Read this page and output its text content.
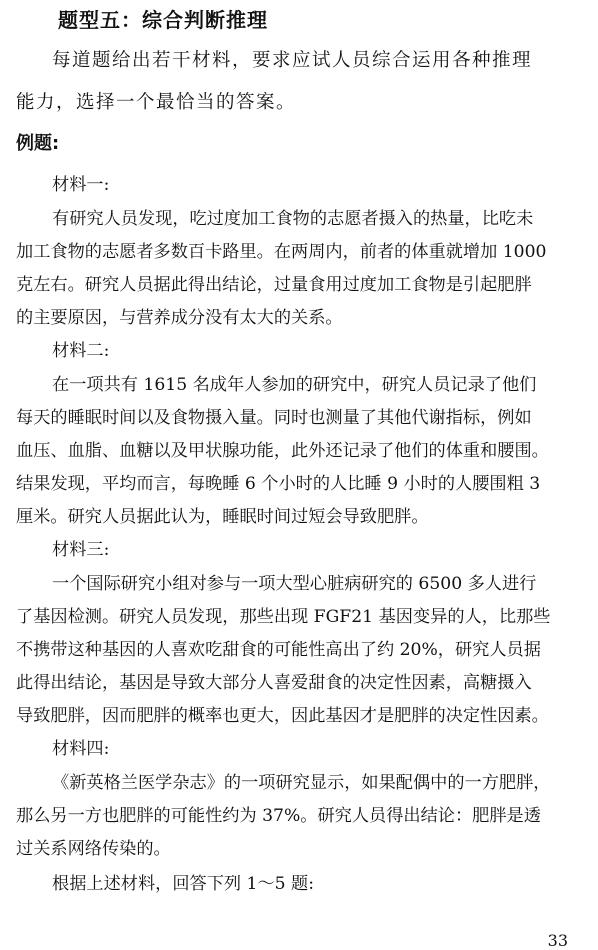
题型五：综合判断推理
每道题给出若干材料，要求应试人员综合运用各种推理
能力，选择一个最恰当的答案。
例题:
材料一:
有研究人员发现，吃过度加工食物的志愿者摄入的热量，比吃未
加工食物的志愿者多数百卡路里。在两周内，前者的体重就增加 1000
克左右。研究人员据此得出结论，过量食用过度加工食物是引起肥胖
的主要原因，与营养成分没有太大的关系。
材料二:
在一项共有 1615 名成年人参加的研究中，研究人员记录了他们
每天的睡眠时间以及食物摄入量。同时也测量了其他代谢指标，例如
血压、血脂、血糖以及甲状腺功能，此外还记录了他们的体重和腰围。
结果发现，平均而言，每晚睡 6 个小时的人比睡 9 小时的人腰围粗 3
厘米。研究人员据此认为，睡眠时间过短会导致肥胖。
材料三:
一个国际研究小组对参与一项大型心脏病研究的 6500 多人进行
了基因检测。研究人员发现，那些出现 FGF21 基因变异的人，比那些
不携带这种基因的人喜欢吃甜食的可能性高出了约 20%，研究人员据
此得出结论，基因是导致大部分人喜爱甜食的决定性因素，高糖摄入
导致肥胖，因而肥胖的概率也更大，因此基因才是肥胖的决定性因素。
材料四:
《新英格兰医学杂志》的一项研究显示，如果配偶中的一方肥胖，
那么另一方也肥胖的可能性约为 37%。研究人员得出结论：肥胖是透
过关系网络传染的。
根据上述材料，回答下列 1～5 题:
33
